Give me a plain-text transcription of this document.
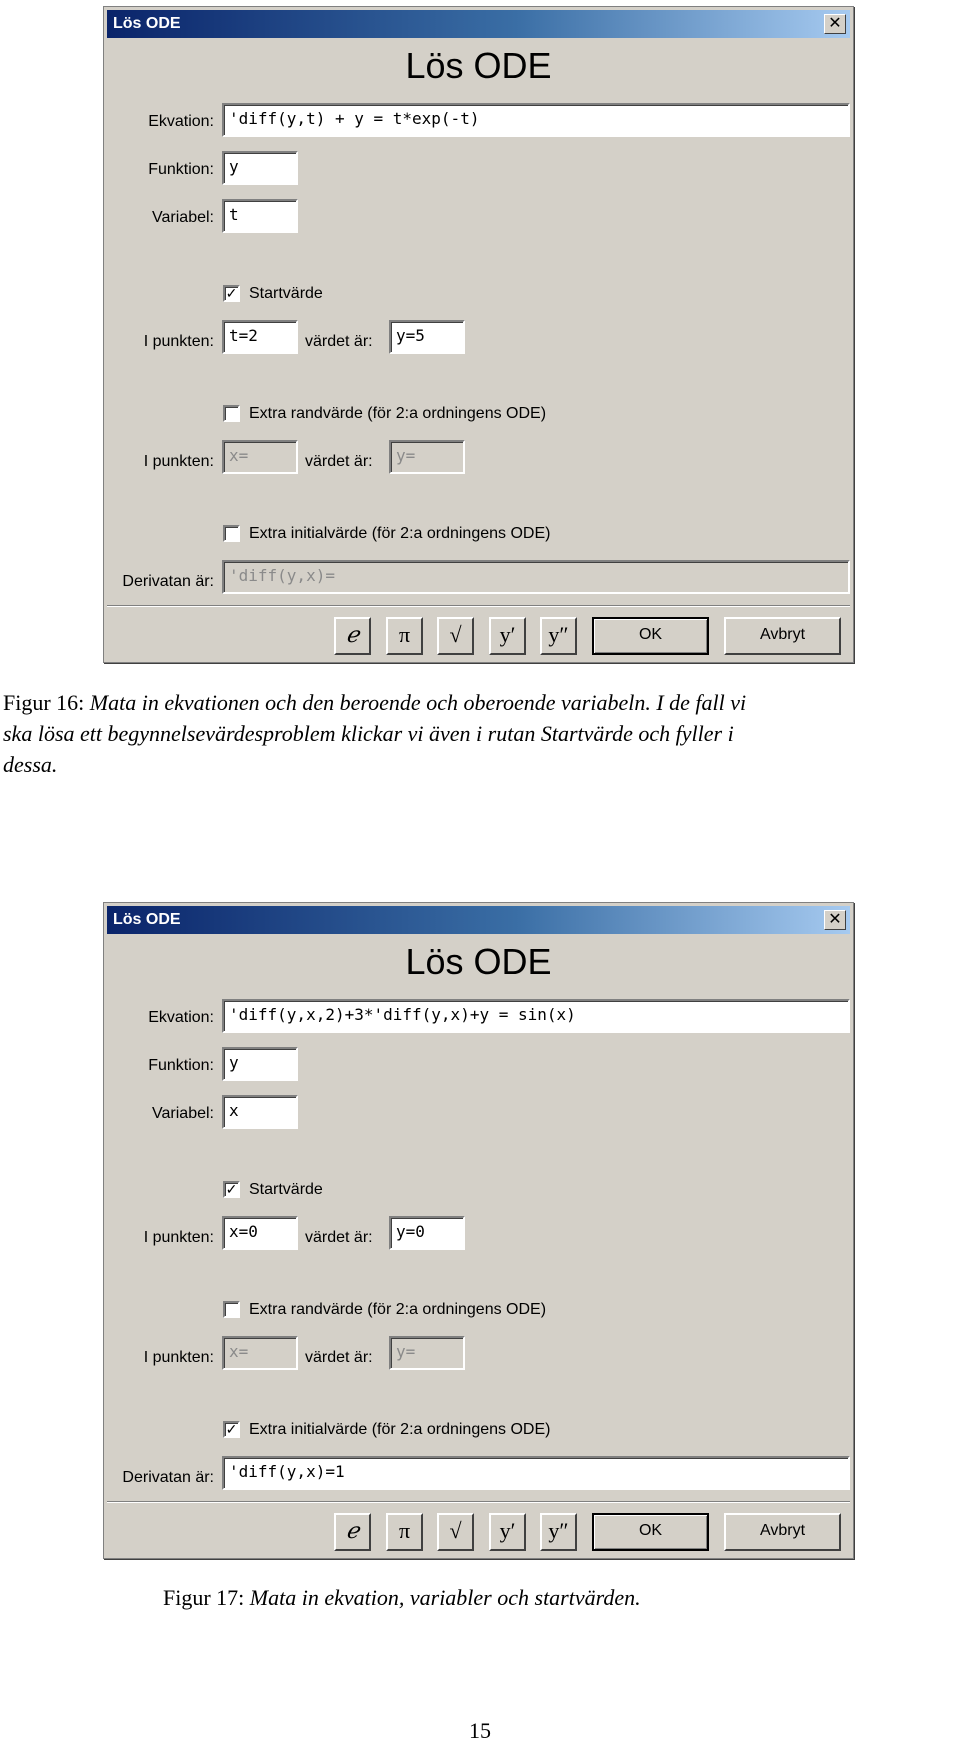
Lös ODE	✕
Lös ODE
Ekvation: 'diff(y,t) + y = t*exp(-t)
Funktion: y
Variabel: t
✓ Startvärde
I punkten: t=2	värdet är:	y=5
Extra randvärde (för 2:a ordningens ODE)
I punkten: x=	värdet är:	y=
Extra initialvärde (för 2:a ordningens ODE)
Derivatan är: 'diff(y,x)=
ℯ	π	√	y′	y″	OK	Avbryt
Figur 16: Mata in ekvationen och den beroende och oberoende variabeln. I de fall vi
ska lösa ett begynnelsevärdesproblem klickar vi även i rutan Startvärde och fyller i
dessa.
Lös ODE	✕
Lös ODE
Ekvation: 'diff(y,x,2)+3*'diff(y,x)+y = sin(x)
Funktion: y
Variabel: x
✓ Startvärde
I punkten: x=0	värdet är:	y=0
Extra randvärde (för 2:a ordningens ODE)
I punkten: x=	värdet är:	y=
✓ Extra initialvärde (för 2:a ordningens ODE)
Derivatan är: 'diff(y,x)=1
ℯ	π	√	y′	y″	OK	Avbryt
Figur 17: Mata in ekvation, variabler och startvärden.
15
